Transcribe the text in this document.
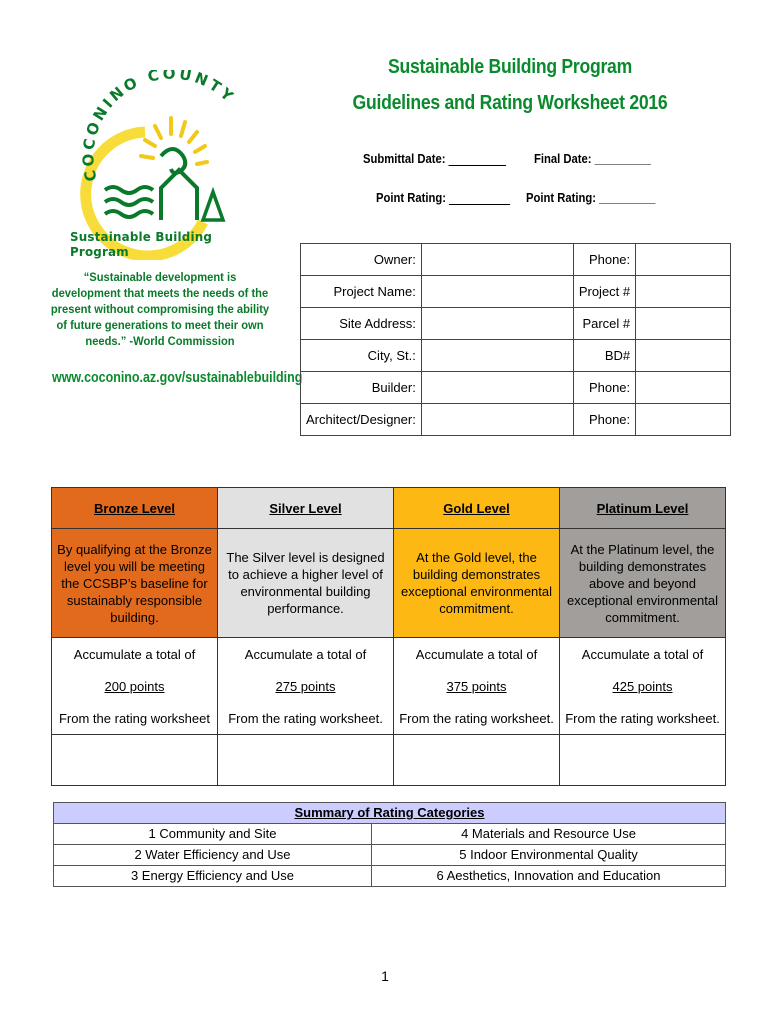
Sustainable Building Program
Guidelines and Rating Worksheet 2016
Submittal Date:	Final Date: _________
Point Rating:	Point Rating: _________
COCONINO COUNTY
Sustainable Building Program
“Sustainable development is development that meets the needs of the present without compromising the ability of future generations to meet their own needs.” -World Commission
www.coconino.az.gov/sustainablebuilding
Owner:		Phone:	
Project Name:		Project #	
Site Address:		Parcel #	
City, St.:		BD#	
Builder:		Phone:	
Architect/Designer:		Phone:	
Bronze Level	Silver Level	Gold Level	Platinum Level
By qualifying at the Bronze level you will be meeting the CCSBP’s baseline for sustainably responsible building.	The Silver level is designed to achieve a higher level of environmental building performance.	At the Gold level, the building demonstrates exceptional environmental commitment.	At the Platinum level, the building demonstrates above and beyond exceptional environmental commitment.
Accumulate a total of	Accumulate a total of	Accumulate a total of	Accumulate a total of
200 points	275 points	375 points	425 points
From the rating worksheet	From the rating worksheet.	From the rating worksheet.	From the rating worksheet.

Summary of Rating Categories	
1 Community and Site	4 Materials and Resource Use
2 Water Efficiency and Use	5 Indoor Environmental Quality
3 Energy Efficiency and Use	6 Aesthetics, Innovation and Education
1
